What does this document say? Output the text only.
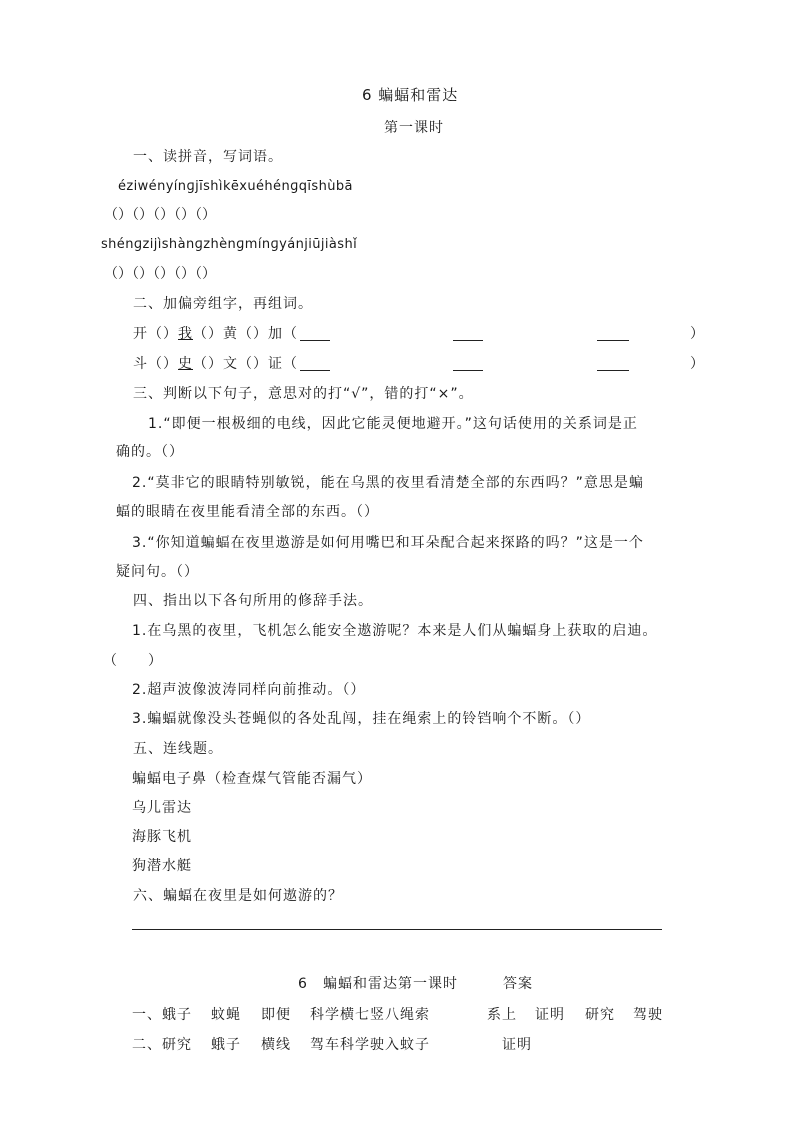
6 蝙蝠和雷达
第一课时
一、读拼音，写词语。
éziwényínɡjīshìkēxuéhénɡqīshùbā
（）（）（）（）（）
shénɡzijìshànɡzhènɡmínɡyánjiūjiàshǐ
（）（）（）（）（）
二、加偏旁组字，再组词。
开（）我（）黄（）加（	）
斗（）史（）文（）证（	）
三、判断以下句子，意思对的打“√”，错的打“×”。
1.“即便一根极细的电线，因此它能灵便地避开。”这句话使用的关系词是正
确的。（）
2.“莫非它的眼睛特别敏锐，能在乌黑的夜里看清楚全部的东西吗？”意思是蝙
蝠的眼睛在夜里能看清全部的东西。（）
3.“你知道蝙蝠在夜里遨游是如何用嘴巴和耳朵配合起来探路的吗？”这是一个
疑问句。（）
四、指出以下各句所用的修辞手法。
1.在乌黑的夜里，飞机怎么能安全遨游呢？本来是人们从蝙蝠身上获取的启迪。
（　　）
2.超声波像波涛同样向前推动。（）
3.蝙蝠就像没头苍蝇似的各处乱闯，挂在绳索上的铃铛响个不断。（）
五、连线题。
蝙蝠电子鼻（检查煤气管能否漏气）
乌儿雷达
海豚飞机
狗潜水艇
六、蝙蝠在夜里是如何遨游的？
6 蝙蝠和雷达第一课时	答案
一、蛾子 蚊蝇 即便 科学横七竖八绳索	系上 证明 研究 驾驶
二、研究 蛾子 横线 驾车科学驶入蚊子	证明
